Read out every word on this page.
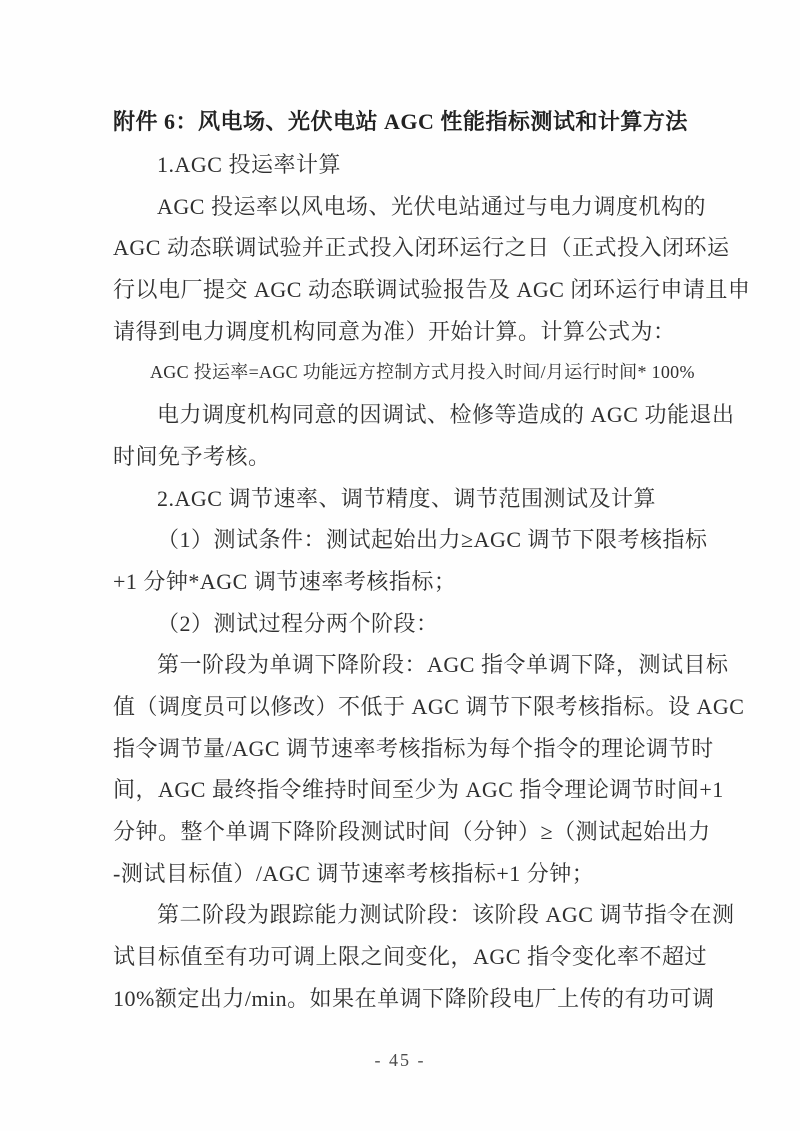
附件 6：风电场、光伏电站 AGC 性能指标测试和计算方法
1.AGC 投运率计算
AGC 投运率以风电场、光伏电站通过与电力调度机构的
AGC 动态联调试验并正式投入闭环运行之日（正式投入闭环运
行以电厂提交 AGC 动态联调试验报告及 AGC 闭环运行申请且申
请得到电力调度机构同意为准）开始计算。计算公式为：
AGC 投运率=AGC 功能远方控制方式月投入时间/月运行时间* 100%
电力调度机构同意的因调试、检修等造成的 AGC 功能退出
时间免予考核。
2.AGC 调节速率、调节精度、调节范围测试及计算
（1）测试条件：测试起始出力≥AGC 调节下限考核指标
+1 分钟*AGC 调节速率考核指标；
（2）测试过程分两个阶段：
第一阶段为单调下降阶段：AGC 指令单调下降，测试目标
值（调度员可以修改）不低于 AGC 调节下限考核指标。设 AGC
指令调节量/AGC 调节速率考核指标为每个指令的理论调节时
间，AGC 最终指令维持时间至少为 AGC 指令理论调节时间+1
分钟。整个单调下降阶段测试时间（分钟）≥（测试起始出力
-测试目标值）/AGC 调节速率考核指标+1 分钟；
第二阶段为跟踪能力测试阶段：该阶段 AGC 调节指令在测
试目标值至有功可调上限之间变化，AGC 指令变化率不超过
10%额定出力/min。如果在单调下降阶段电厂上传的有功可调
- 45 -
